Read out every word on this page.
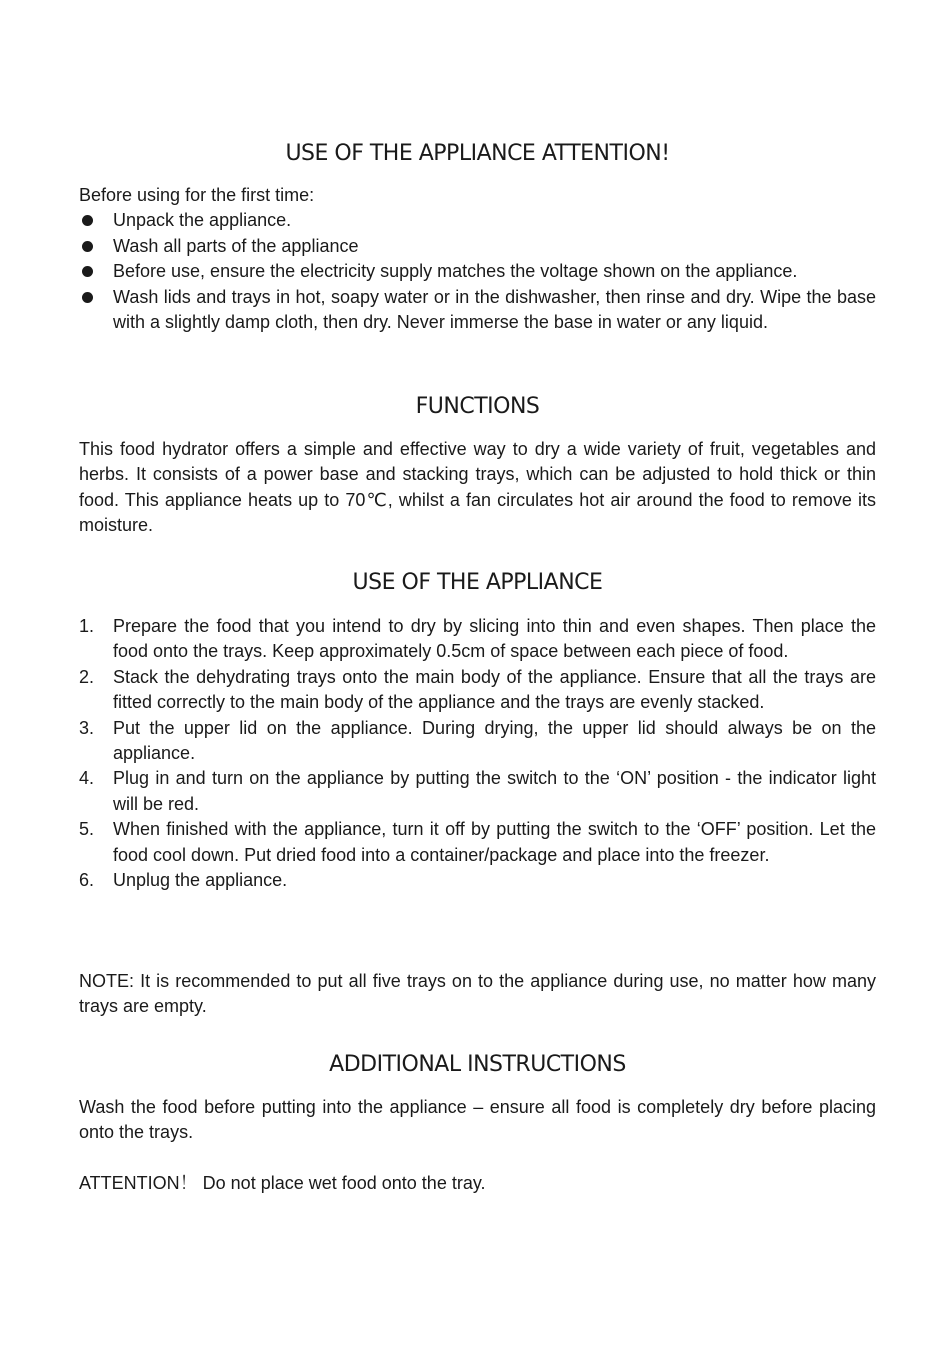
USE OF THE APPLIANCE ATTENTION!

Before using for the first time:

Unpack the appliance.
Wash all parts of the appliance
Before use, ensure the electricity supply matches the voltage shown on the appliance.
Wash lids and trays in hot, soapy water or in the dishwasher, then rinse and dry. Wipe the base with a slightly damp cloth, then dry. Never immerse the base in water or any liquid.
FUNCTIONS

This food hydrator offers a simple and effective way to dry a wide variety of fruit, vegetables and herbs. It consists of a power base and stacking trays, which can be adjusted to hold thick or thin food. This appliance heats up to 70℃, whilst a fan circulates hot air around the food to remove its moisture.

USE OF THE APPLIANCE
1. Prepare the food that you intend to dry by slicing into thin and even shapes. Then place the food onto the trays. Keep approximately 0.5cm of space between each piece of food.
2. Stack the dehydrating trays onto the main body of the appliance. Ensure that all the trays are fitted correctly to the main body of the appliance and the trays are evenly stacked.
3. Put the upper lid on the appliance. During drying, the upper lid should always be on the appliance.
4. Plug in and turn on the appliance by putting the switch to the ‘ON’ position - the indicator light will be red.
5. When finished with the appliance, turn it off by putting the switch to the ‘OFF’ position. Let the food cool down. Put dried food into a container/package and place into the freezer.
6. Unplug the appliance.

NOTE: It is recommended to put all five trays on to the appliance during use, no matter how many trays are empty.

ADDITIONAL INSTRUCTIONS

Wash the food before putting into the appliance – ensure all food is completely dry before placing onto the trays.

ATTENTION！ Do not place wet food onto the tray.
